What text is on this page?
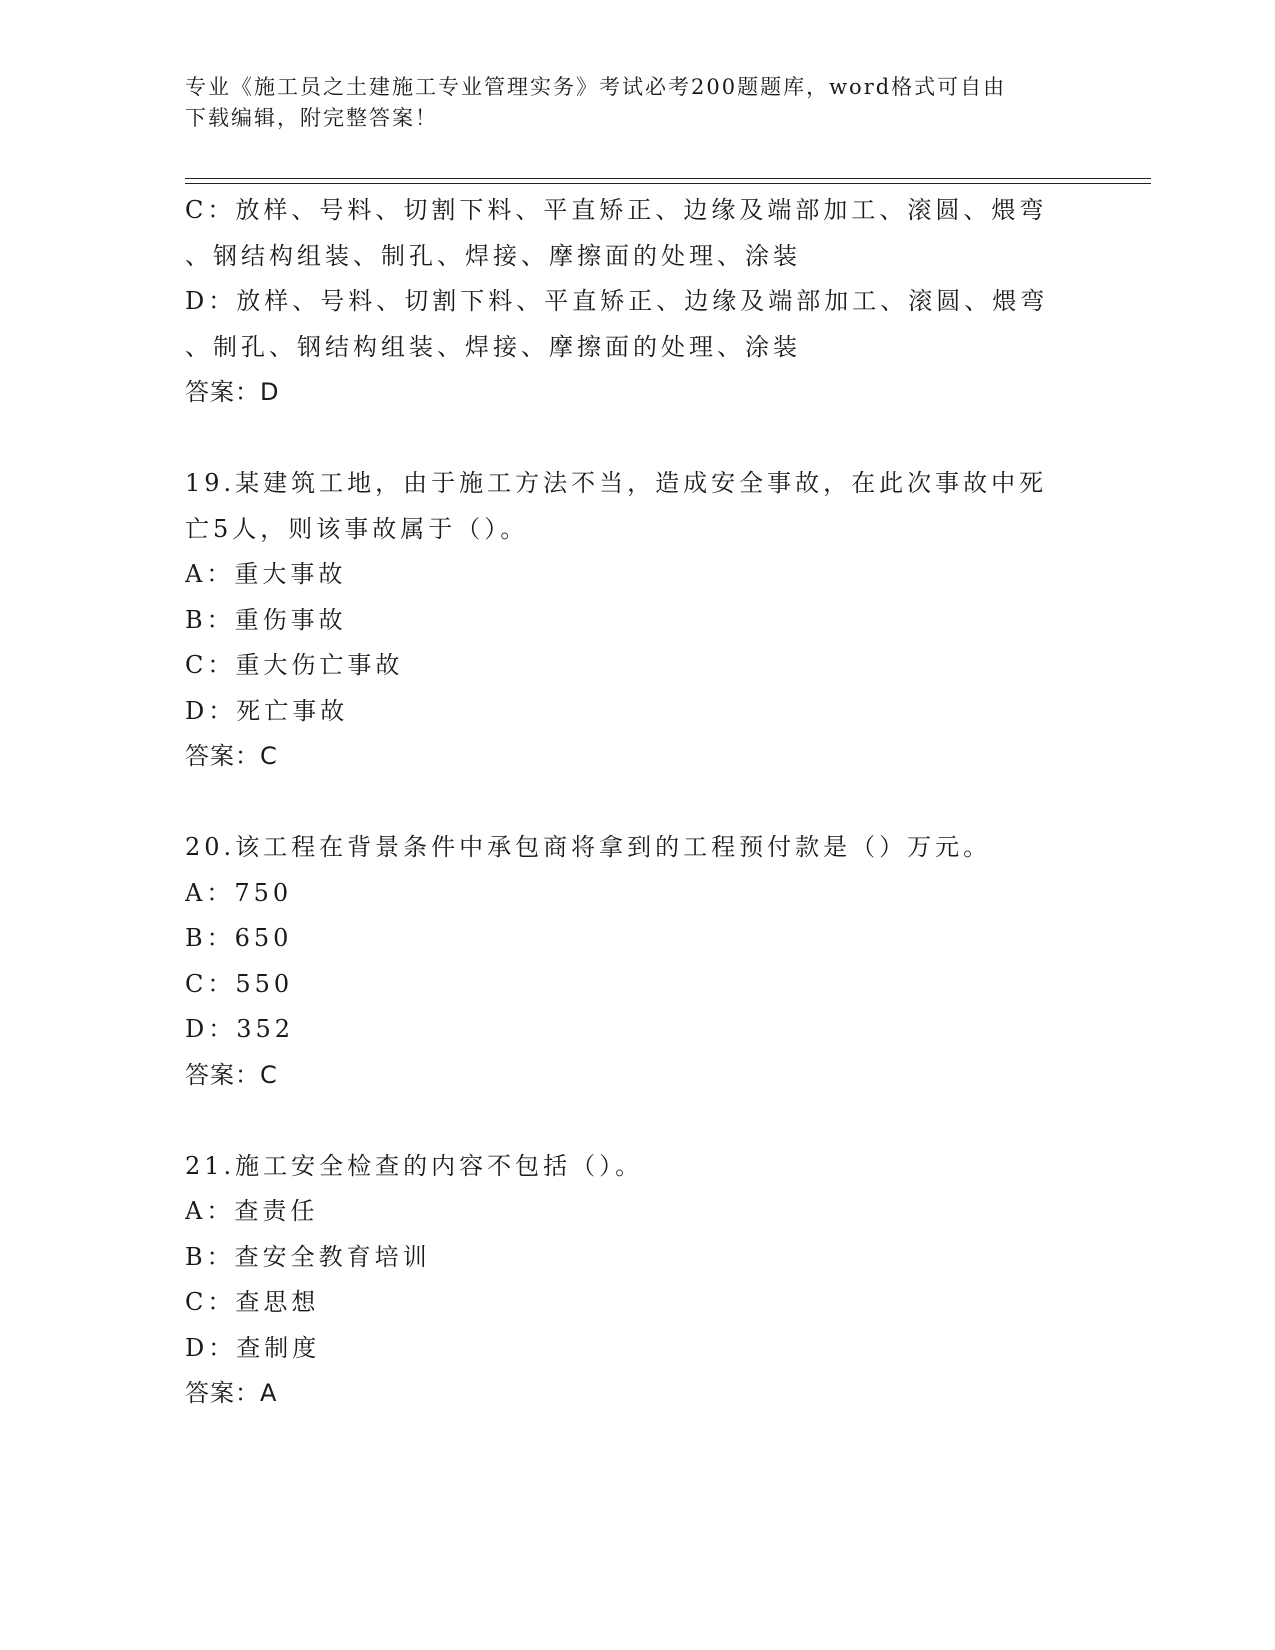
专业《施工员之土建施工专业管理实务》考试必考200题题库，word格式可自由
下载编辑，附完整答案！
C：放样、号料、切割下料、平直矫正、边缘及端部加工、滚圆、煨弯
、钢结构组装、制孔、焊接、摩擦面的处理、涂装
D：放样、号料、切割下料、平直矫正、边缘及端部加工、滚圆、煨弯
、制孔、钢结构组装、焊接、摩擦面的处理、涂装
答案：D
19.某建筑工地，由于施工方法不当，造成安全事故，在此次事故中死
亡5人，则该事故属于（）。
A：重大事故
B：重伤事故
C：重大伤亡事故
D：死亡事故
答案：C
20.该工程在背景条件中承包商将拿到的工程预付款是（）万元。
A：750
B：650
C：550
D：352
答案：C
21.施工安全检查的内容不包括（）。
A：查责任
B：查安全教育培训
C：查思想
D：查制度
答案：A
